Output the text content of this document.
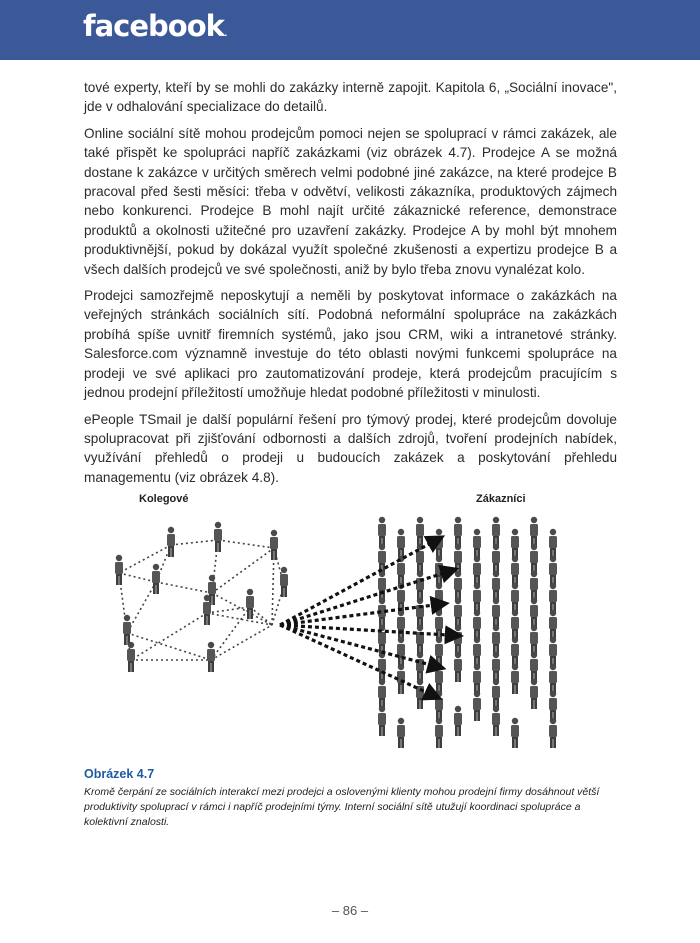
facebook.

tové experty, kteří by se mohli do zakázky interně zapojit. Kapitola 6, „Sociální inovace", jde v odhalování specializace do detailů.

Online sociální sítě mohou prodejcům pomoci nejen se spoluprací v rámci zakázek, ale také přispět ke spolupráci napříč zakázkami (viz obrázek 4.7). Prodejce A se možná dostane k zakázce v určitých směrech velmi podobné jiné zakázce, na které prodejce B pracoval před šesti měsíci: třeba v odvětví, velikosti zákazníka, produktových zájmech nebo konkurenci. Prodejce B mohl najít určité zákaznické reference, demonstrace produktů a okolnosti užitečné pro uzavření zakázky. Prodejce A by mohl být mnohem produktivnější, pokud by dokázal využít společné zkušenosti a expertizu prodejce B a všech dalších prodejců ve své společnosti, aniž by bylo třeba znovu vynalézat kolo.

Prodejci samozřejmě neposkytují a neměli by poskytovat informace o zakázkách na veřejných stránkách sociálních sítí. Podobná neformální spolupráce na zakázkách probíhá spíše uvnitř firemních systémů, jako jsou CRM, wiki a intranetové stránky. Salesforce.com významně investuje do této oblasti novými funkcemi spolupráce na prodeji ve své aplikaci pro zautomatizování prodeje, která prodejcům pracujícím s jednou prodejní příležitostí umožňuje hledat podobné příležitosti v minulosti.

ePeople TSmail je další populární řešení pro týmový prodej, které prodejcům dovoluje spolupracovat při zjišťování odbornosti a dalších zdrojů, tvoření prodejních nabídek, využívání přehledů o prodeji u budoucích zakázek a poskytování přehledu managementu (viz obrázek 4.8).

Kolegové	Zákazníci
Obrázek 4.7
Kromě čerpání ze sociálních interakcí mezi prodejci a oslovenými klienty mohou prodejní firmy dosáhnout větší produktivity spoluprací v rámci i napříč prodejními týmy. Interní sociální sítě utužují koordinaci spolupráce a kolektivní znalosti.
– 86 –
